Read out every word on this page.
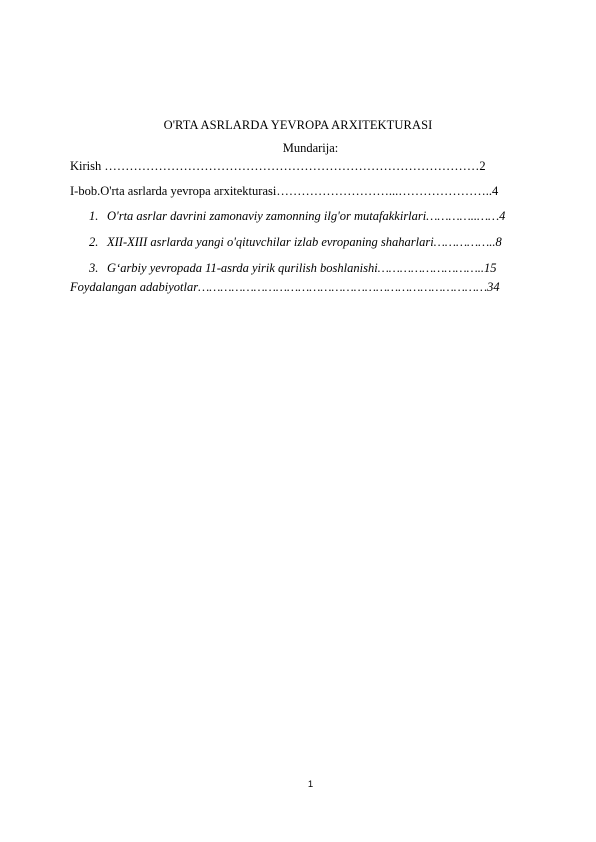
O'RTA ASRLARDA YEVROPA ARXITEKTURASI
Mundarija:
Kirish ………………………………………………………………………………2
I-bob.O'rta asrlarda yevropa arxitekturasi………………………...…………………..4
1. O'rta asrlar davrini zamonaviy zamonning ilg'or mutafakkirlari…………..……4
2. XII-XIII asrlarda yangi o'qituvchilar izlab evropaning shaharlari……………..8
3. G‘arbiy yevropada 11-asrda yirik qurilish boshlanishi………………………..15
Foydalangan adabiyotlar……………………………………………………………………34
1
